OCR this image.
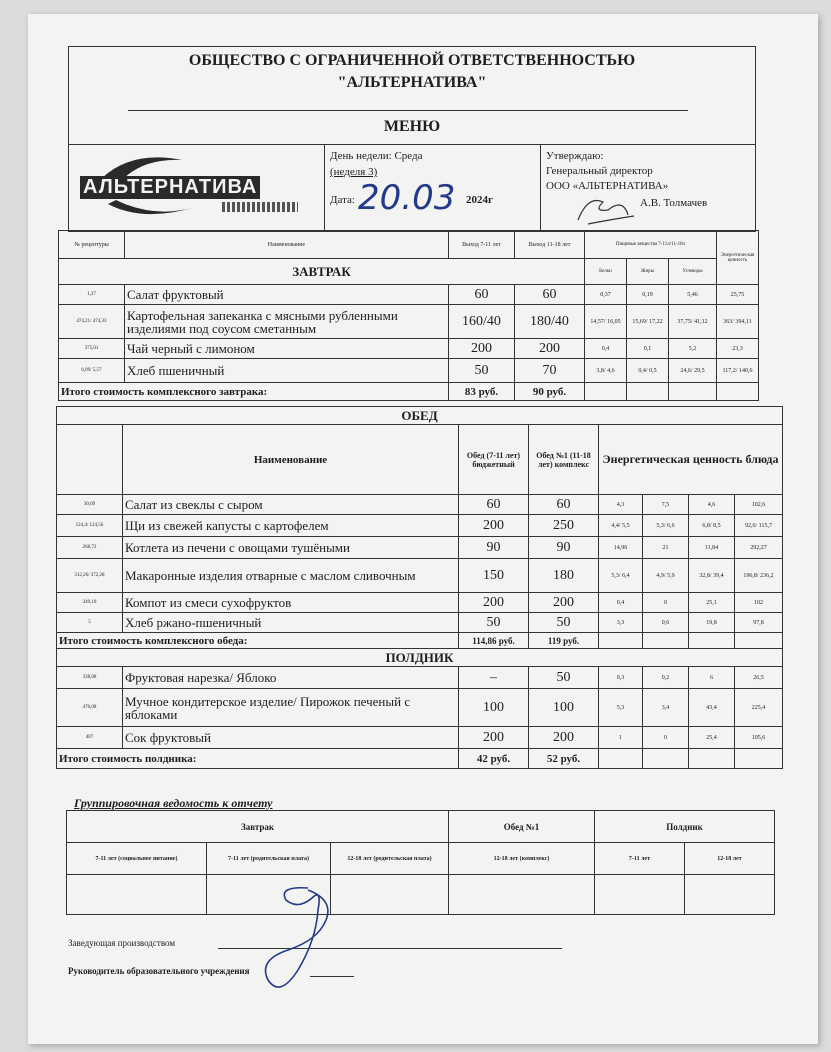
ОБЩЕСТВО С ОГРАНИЧЕННОЙ ОТВЕТСТВЕННОСТЬЮ
"АЛЬТЕРНАТИВА"
МЕНЮ
АЛЬТЕРНАТИВА
День недели: Среда
(неделя 3)
Дата: 20.03 2024г
Утверждаю:
Генеральный директор
ООО «АЛЬТЕРНАТИВА»
А.В. Толмачев
№ рецептуры	Наименование	Выход 7-11 лет	Выход 11-18 лет	Пищевые вещества 7-11л/11-18л			Энергетическая ценность
ЗАВТРАК				Белки	Жиры	Углеводы	
1,37	Салат фруктовый	60	60	0,37	0,19	5,46	25,75
474,21/ 474,33	Картофельная запеканка с мясными рубленными изделиями под соусом сметанным	160/40	180/40	14,57/ 16,05	15,69/ 17,22	37,75/ 41,12	363/ 394,11
375,01	Чай черный с лимоном	200	200	0,4	0,1	5,2	23,3
6,09/ 5,57	Хлеб пшеничный	50	70	3,8/ 4,6	0,4/ 0,5	24,6/ 29,5	117,2/ 140,6
Итого стоимость комплексного завтрака:		83 руб.	90 руб.				
ОБЕД							
	Наименование	Обед (7-11 лет) бюджетный	Обед №1 (11-18 лет) комплекс	Энергетическая ценность блюда			
30,09	Салат из свеклы с сыром	60	60	4,3	7,5	4,6	102,6
124,4/ 124,56	Щи из свежей капусты с картофелем	200	250	4,4/ 5,5	5,3/ 6,6	6,8/ 8,5	92,6/ 115,7
268,72	Котлета из печени с овощами тушёными	90	90	14,96	21	11,84	292,27
312,26/ 372,28	Макаронные изделия отварные с маслом сливочным	150	180	5,3/ 6,4	4,9/ 5,9	32,8/ 39,4	196,8/ 236,2
349,10	Компот из смеси сухофруктов	200	200	0,4	0	25,1	102
5	Хлеб ржано-пшеничный	50	50	3,3	0,6	19,8	97,8
Итого стоимость комплексного обеда:		114,86 руб.	119 руб.				
ПОЛДНИК							
338,08	Фруктовая нарезка/ Яблоко	–	50	0,3	0,2	6	26,5
476,08	Мучное кондитерское изделие/ Пирожок печеный с яблоками	100	100	5,3	3,4	43,4	225,4
407	Сок фруктовый	200	200	1	0	25,4	105,6
Итого стоимость полдника:		42 руб.	52 руб.				
Группировочная ведомость к отчету
Завтрак			Обед №1	Полдник	
7-11 лет (социальное питание)	7-11 лет (родительская плата)	12-18 лет (родительская плата)	12-18 лет (комплекс)	7-11 лет	12-18 лет

Заведующая производством
Руководитель образовательного учреждения
